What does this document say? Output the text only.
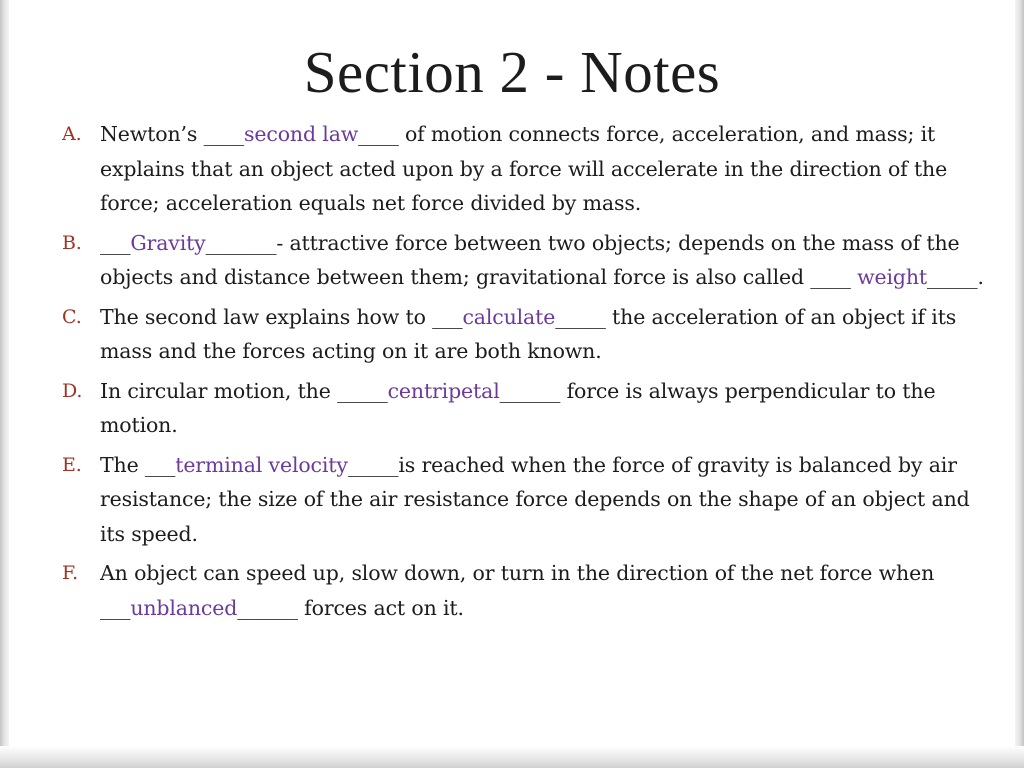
Section 2 - Notes
A. Newton’s ____second law____ of motion connects force, acceleration, and mass; it explains that an object acted upon by a force will accelerate in the direction of the force; acceleration equals net force divided by mass.
B. ___Gravity_______- attractive force between two objects; depends on the mass of the objects and distance between them; gravitational force is also called ____ weight_____.
C. The second law explains how to ___calculate_____ the acceleration of an object if its mass and the forces acting on it are both known.
D. In circular motion, the _____centripetal______ force is always perpendicular to the motion.
E. The ___terminal velocity_____is reached when the force of gravity is balanced by air resistance; the size of the air resistance force depends on the shape of an object and its speed.
F. An object can speed up, slow down, or turn in the direction of the net force when ___unblanced______ forces act on it.
